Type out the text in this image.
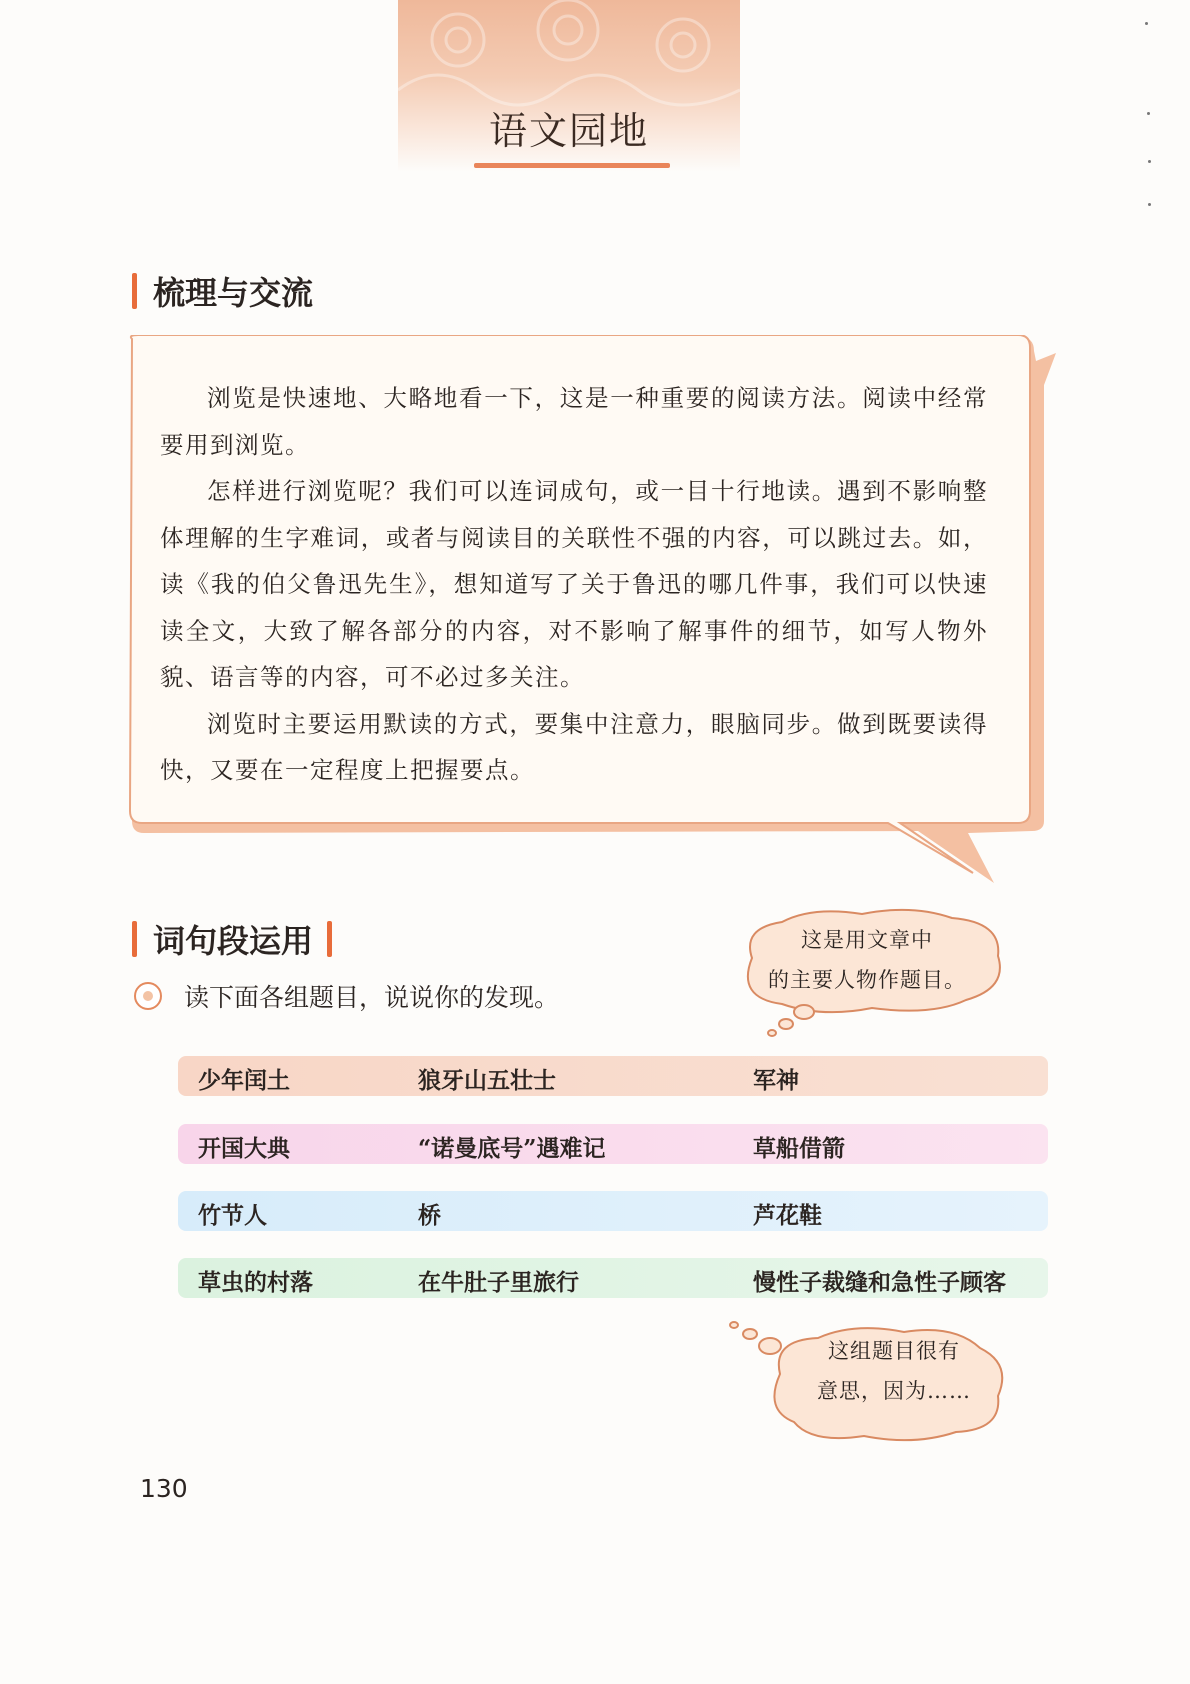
语文园地
梳理与交流

浏览是快速地、大略地看一下，这是一种重要的阅读方法。阅读中经常要用到浏览。

怎样进行浏览呢？我们可以连词成句，或一目十行地读。遇到不影响整体理解的生字难词，或者与阅读目的关联性不强的内容，可以跳过去。如，读《我的伯父鲁迅先生》，想知道写了关于鲁迅的哪几件事，我们可以快速读全文，大致了解各部分的内容，对不影响了解事件的细节，如写人物外貌、语言等的内容，可不必过多关注。

浏览时主要运用默读的方式，要集中注意力，眼脑同步。做到既要读得快，又要在一定程度上把握要点。

词句段运用	这是用文章中
的主要人物作题目。
读下面各组题目，说说你的发现。
少年闰土	狼牙山五壮士	军神
开国大典	“诺曼底号”遇难记	草船借箭
竹节人	桥	芦花鞋
草虫的村落	在牛肚子里旅行	慢性子裁缝和急性子顾客
这组题目很有
意思，因为……
130
